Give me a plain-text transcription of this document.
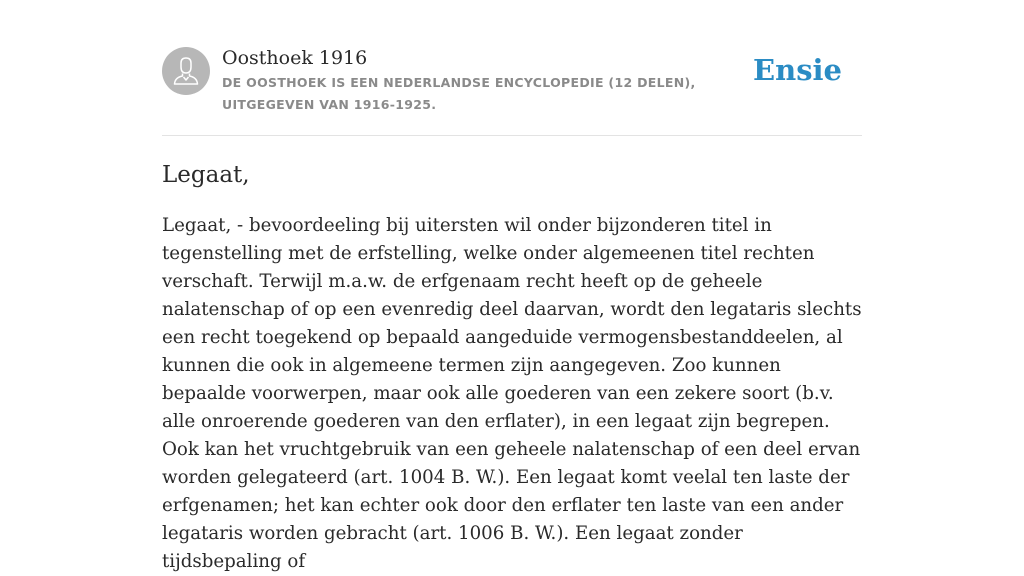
Oosthoek 1916
DE OOSTHOEK IS EEN NEDERLANDSE ENCYCLOPEDIE (12 DELEN), UITGEGEVEN VAN 1916-1925.
Ensie
Legaat,

Legaat, - bevoordeeling bij uitersten wil onder bijzonderen titel in tegenstelling met de erfstelling, welke onder algemeenen titel rechten verschaft. Terwijl m.a.w. de erfgenaam recht heeft op de geheele nalatenschap of op een evenredig deel daarvan, wordt den legataris slechts een recht toegekend op bepaald aangeduide vermogensbestanddeelen, al kunnen die ook in algemeene termen zijn aangegeven. Zoo kunnen bepaalde voorwerpen, maar ook alle goederen van een zekere soort (b.v. alle onroerende goederen van den erflater), in een legaat zijn begrepen. Ook kan het vruchtgebruik van een geheele nalatenschap of een deel ervan worden gelegateerd (art. 1004 B. W.). Een legaat komt veelal ten laste der erfgenamen; het kan echter ook door den erflater ten laste van een ander legataris worden gebracht (art. 1006 B. W.). Een legaat zonder tijdsbepaling of
